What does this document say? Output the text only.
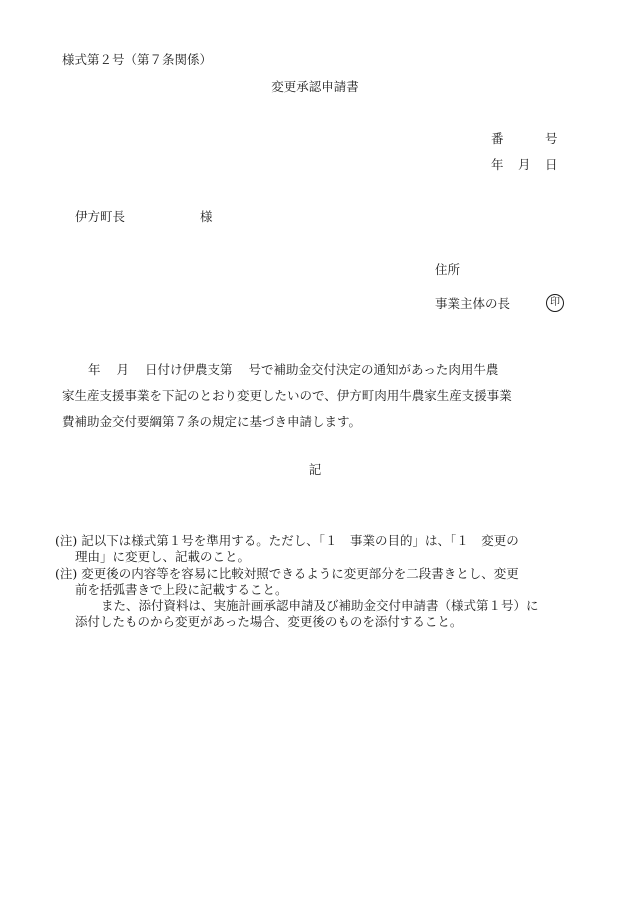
様式第２号（第７条関係）
変更承認申請書
番	号
年 月 日
伊方町長	様
住所
事業主体の長	印
年 月 日付け伊農支第 号で補助金交付決定の通知があった肉用牛農
家生産支援事業を下記のとおり変更したいので、伊方町肉用牛農家生産支援事業
費補助金交付要綱第７条の規定に基づき申請します。
記
(注) 記以下は様式第１号を準用する。ただし、「１　事業の目的」は、「１　変更の
理由」に変更し、記載のこと。
(注) 変更後の内容等を容易に比較対照できるように変更部分を二段書きとし、変更
前を括弧書きで上段に記載すること。
また、添付資料は、実施計画承認申請及び補助金交付申請書（様式第１号）に
添付したものから変更があった場合、変更後のものを添付すること。
